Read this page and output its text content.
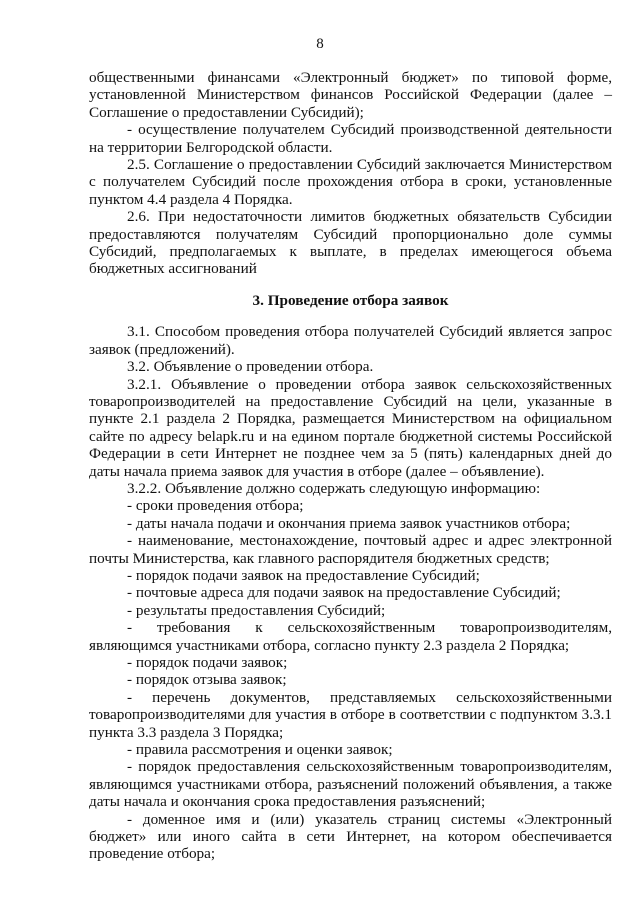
8

общественными финансами «Электронный бюджет» по типовой форме, установленной Министерством финансов Российской Федерации (далее – Соглашение о предоставлении Субсидий);

- осуществление получателем Субсидий производственной деятельности на территории Белгородской области.

2.5. Соглашение о предоставлении Субсидий заключается Министерством с получателем Субсидий после прохождения отбора в сроки, установленные пунктом 4.4 раздела 4 Порядка.

2.6. При недостаточности лимитов бюджетных обязательств Субсидии предоставляются получателям Субсидий пропорционально доле суммы Субсидий, предполагаемых к выплате, в пределах имеющегося объема бюджетных ассигнований

3. Проведение отбора заявок

3.1. Способом проведения отбора получателей Субсидий является запрос заявок (предложений).

3.2. Объявление о проведении отбора.

3.2.1. Объявление о проведении отбора заявок сельскохозяйственных товаропроизводителей на предоставление Субсидий на цели, указанные в пункте 2.1 раздела 2 Порядка, размещается Министерством на официальном сайте по адресу belapk.ru и на едином портале бюджетной системы Российской Федерации в сети Интернет не позднее чем за 5 (пять) календарных дней до даты начала приема заявок для участия в отборе (далее – объявление).

3.2.2. Объявление должно содержать следующую информацию:

- сроки проведения отбора;

- даты начала подачи и окончания приема заявок участников отбора;

- наименование, местонахождение, почтовый адрес и адрес электронной почты Министерства, как главного распорядителя бюджетных средств;

- порядок подачи заявок на предоставление Субсидий;

- почтовые адреса для подачи заявок на предоставление Субсидий;

- результаты предоставления Субсидий;

- требования к сельскохозяйственным товаропроизводителям, являющимся участниками отбора, согласно пункту 2.3 раздела 2 Порядка;

- порядок подачи заявок;

- порядок отзыва заявок;

- перечень документов, представляемых сельскохозяйственными товаропроизводителями для участия в отборе в соответствии с подпунктом 3.3.1 пункта 3.3 раздела 3 Порядка;

- правила рассмотрения и оценки заявок;

- порядок предоставления сельскохозяйственным товаропроизводителям, являющимся участниками отбора, разъяснений положений объявления, а также даты начала и окончания срока предоставления разъяснений;

- доменное имя и (или) указатель страниц системы «Электронный бюджет» или иного сайта в сети Интернет, на котором обеспечивается проведение отбора;
